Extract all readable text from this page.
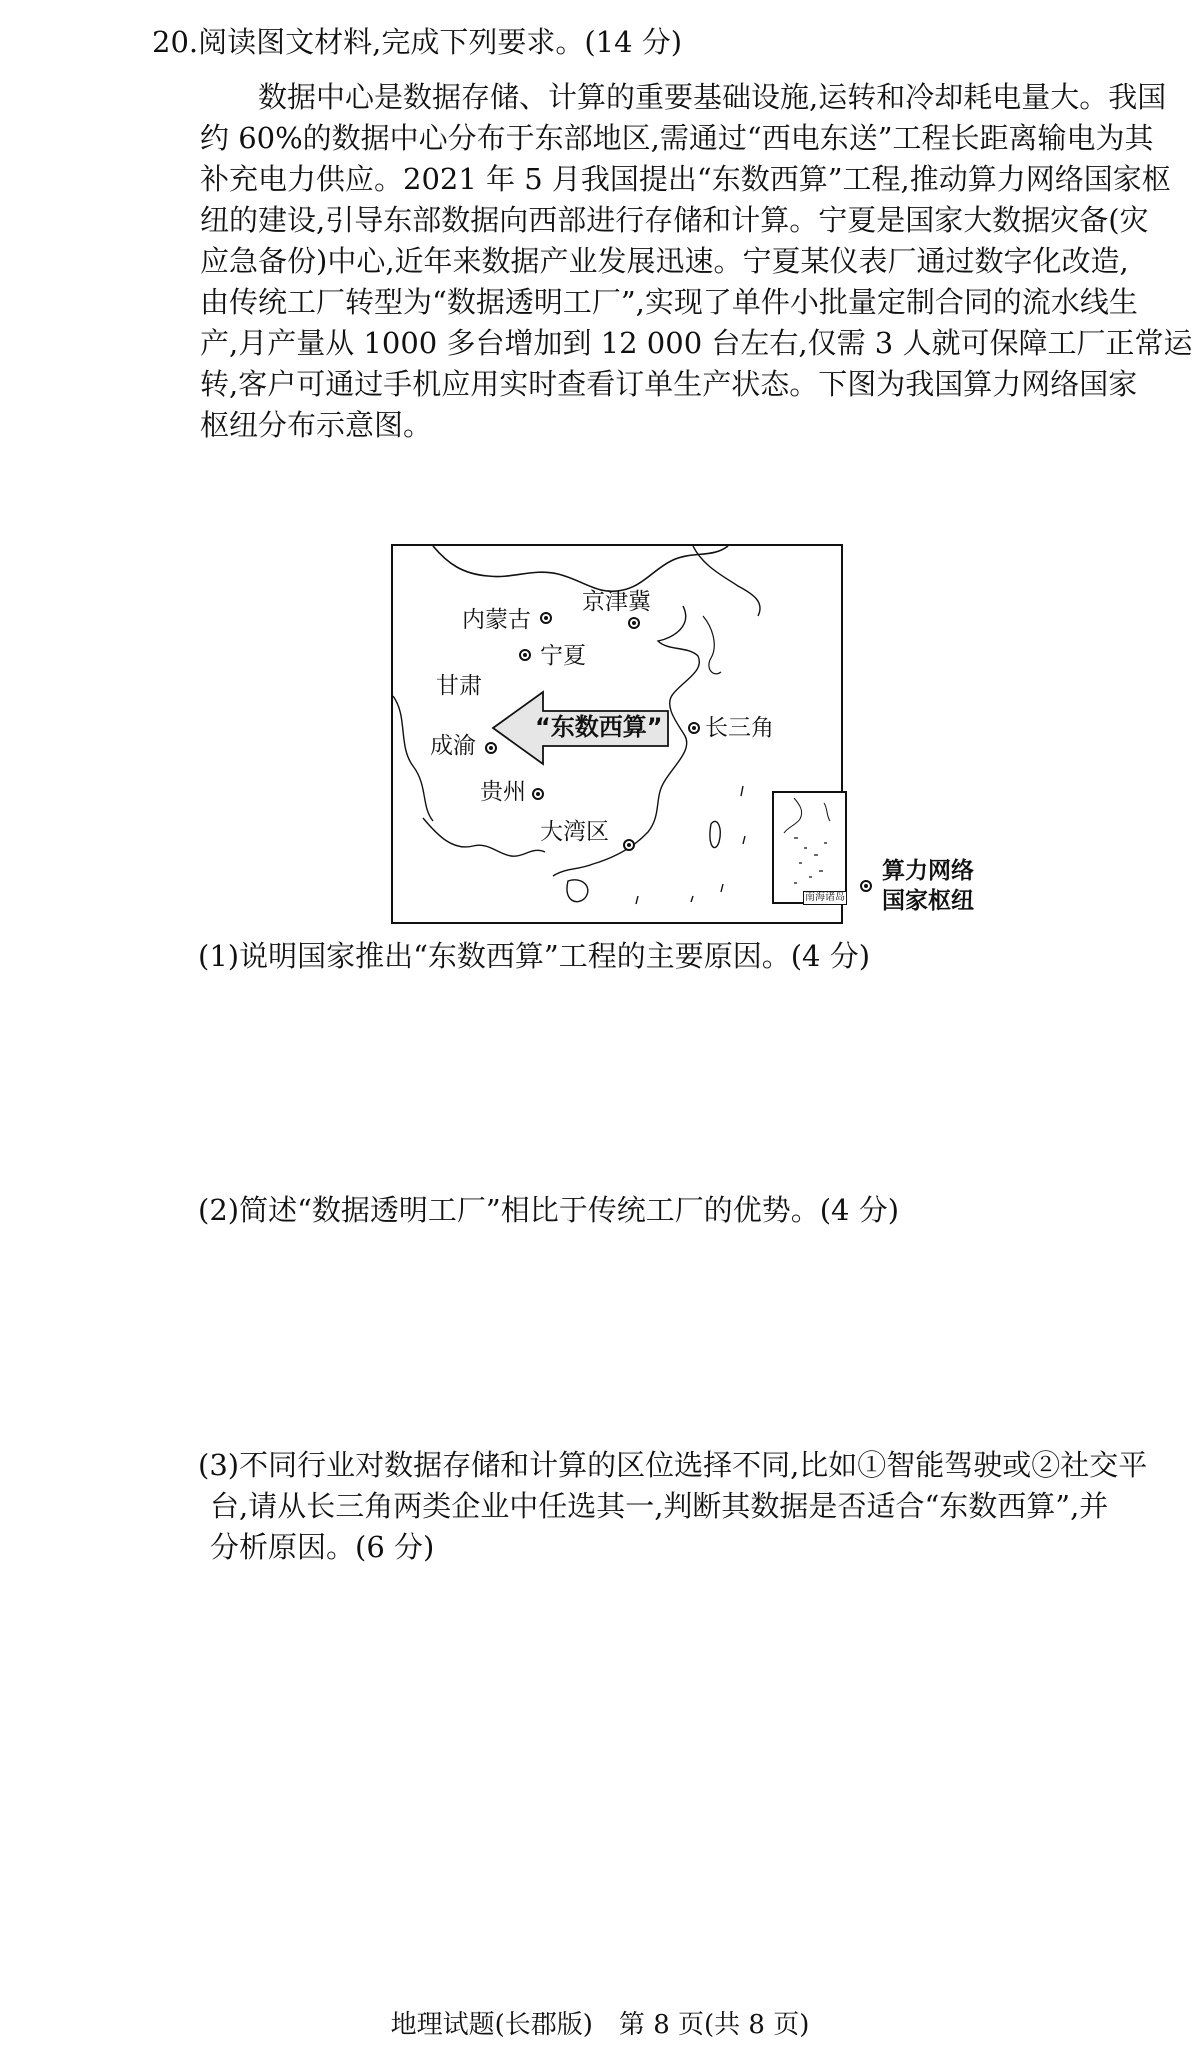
20.阅读图文材料,完成下列要求。(14 分)
数据中心是数据存储、计算的重要基础设施,运转和冷却耗电量大。我国
约 60%的数据中心分布于东部地区,需通过“西电东送”工程长距离输电为其
补充电力供应。2021 年 5 月我国提出“东数西算”工程,推动算力网络国家枢
纽的建设,引导东部数据向西部进行存储和计算。宁夏是国家大数据灾备(灾
应急备份)中心,近年来数据产业发展迅速。宁夏某仪表厂通过数字化改造,
由传统工厂转型为“数据透明工厂”,实现了单件小批量定制合同的流水线生
产,月产量从 1000 多台增加到 12 000 台左右,仅需 3 人就可保障工厂正常运
转,客户可通过手机应用实时查看订单生产状态。下图为我国算力网络国家
枢纽分布示意图。
京津冀
内蒙古
宁夏
甘肃
长三角
成渝
贵州
大湾区
“东数西算”
南海诸岛
算力网络
国家枢纽
(1)说明国家推出“东数西算”工程的主要原因。(4 分)
(2)简述“数据透明工厂”相比于传统工厂的优势。(4 分)
(3)不同行业对数据存储和计算的区位选择不同,比如①智能驾驶或②社交平
台,请从长三角两类企业中任选其一,判断其数据是否适合“东数西算”,并
分析原因。(6 分)
地理试题(长郡版)　第 8 页(共 8 页)
